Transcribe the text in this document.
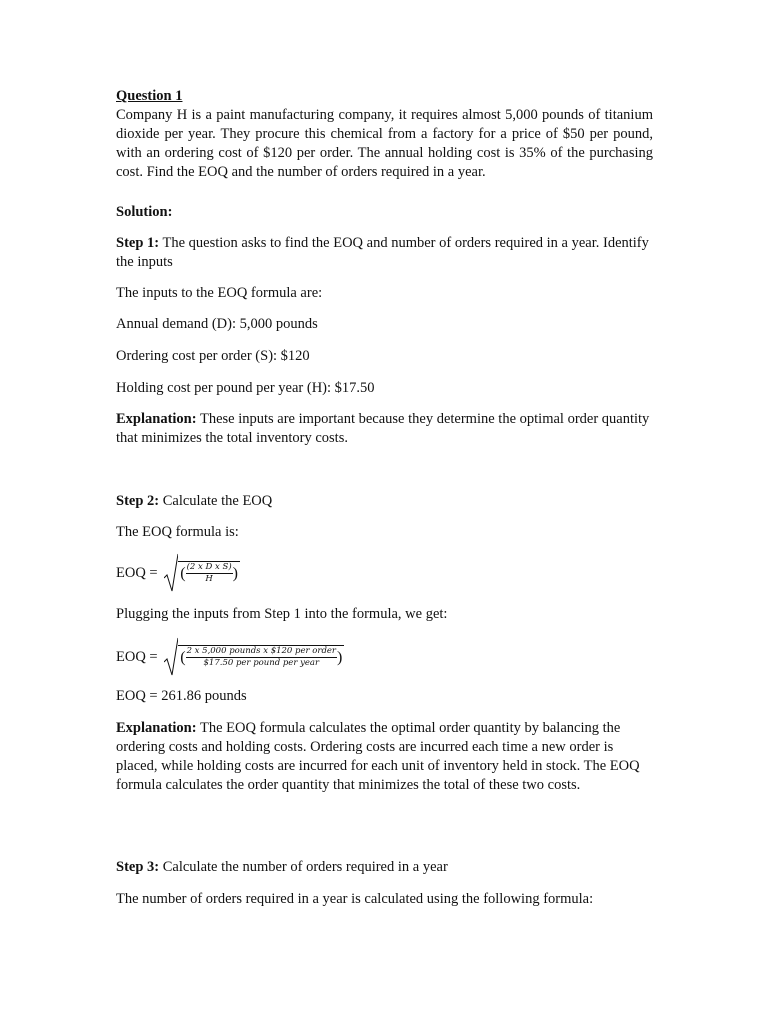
Question 1

Company H is a paint manufacturing company, it requires almost 5,000 pounds of titanium dioxide per year. They procure this chemical from a factory for a price of $50 per pound, with an ordering cost of $120 per order. The annual holding cost is 35% of the purchasing cost. Find the EOQ and the number of orders required in a year.

Solution:

Step 1: The question asks to find the EOQ and number of orders required in a year. Identify the inputs

The inputs to the EOQ formula are:

Annual demand (D): 5,000 pounds

Ordering cost per order (S): $120

Holding cost per pound per year (H): $17.50

Explanation: These inputs are important because they determine the optimal order quantity that minimizes the total inventory costs.

Step 2: Calculate the EOQ

The EOQ formula is:

EOQ = ( $\frac{\text{(2 x D x S)}}{H}$ )

Plugging the inputs from Step 1 into the formula, we get:

EOQ = ( $\frac{\text{2 x 5,000 pounds x \$120 per order}}{\text{\$17.50 per pound per year}}$ )

EOQ = 261.86 pounds

Explanation: The EOQ formula calculates the optimal order quantity by balancing the ordering costs and holding costs. Ordering costs are incurred each time a new order is placed, while holding costs are incurred for each unit of inventory held in stock. The EOQ formula calculates the order quantity that minimizes the total of these two costs.

Step 3: Calculate the number of orders required in a year

The number of orders required in a year is calculated using the following formula:
